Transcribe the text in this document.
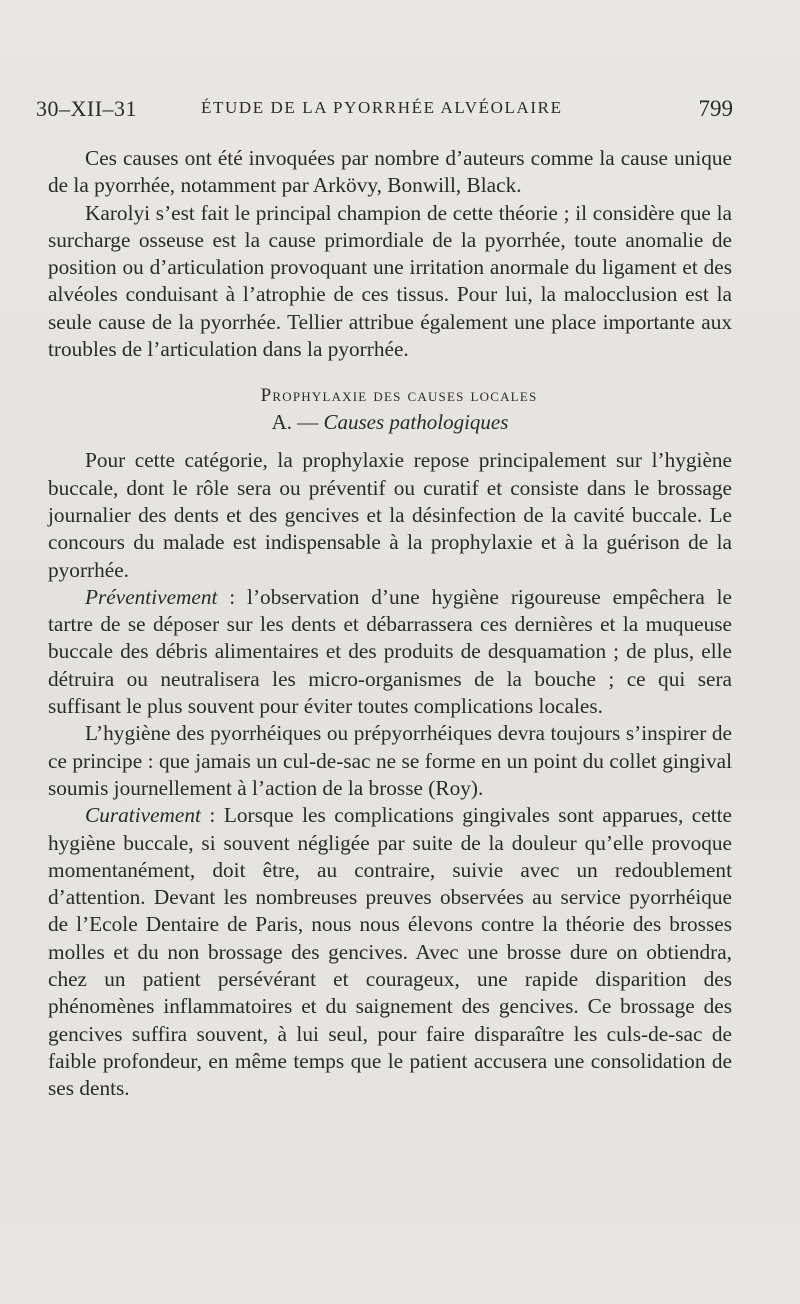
30–XII–31	ÉTUDE DE LA PYORRHÉE ALVÉOLAIRE	799

Ces causes ont été invoquées par nombre d’auteurs comme la cause unique de la pyorrhée, notamment par Arkövy, Bonwill, Black.

Karolyi s’est fait le principal champion de cette théorie ; il considère que la surcharge osseuse est la cause primordiale de la pyorrhée, toute anomalie de position ou d’articulation provoquant une irritation anormale du ligament et des alvéoles conduisant à l’atrophie de ces tissus. Pour lui, la malocclusion est la seule cause de la pyorrhée. Tellier attribue également une place importante aux troubles de l’articulation dans la pyorrhée.

Prophylaxie des causes locales
A. — Causes pathologiques

Pour cette catégorie, la prophylaxie repose principalement sur l’hygiène buccale, dont le rôle sera ou préventif ou curatif et consiste dans le brossage journalier des dents et des gencives et la désinfection de la cavité buccale. Le concours du malade est indispensable à la prophylaxie et à la guérison de la pyorrhée.

Préventivement : l’observation d’une hygiène rigoureuse empêchera le tartre de se déposer sur les dents et débarrassera ces dernières et la muqueuse buccale des débris alimentaires et des produits de desquamation ; de plus, elle détruira ou neutralisera les micro-organismes de la bouche ; ce qui sera suffisant le plus souvent pour éviter toutes complications locales.

L’hygiène des pyorrhéiques ou prépyorrhéiques devra toujours s’inspirer de ce principe : que jamais un cul-de-sac ne se forme en un point du collet gingival soumis journellement à l’action de la brosse (Roy).

Curativement : Lorsque les complications gingivales sont apparues, cette hygiène buccale, si souvent négligée par suite de la douleur qu’elle provoque momentanément, doit être, au contraire, suivie avec un redoublement d’attention. Devant les nombreuses preuves observées au service pyorrhéique de l’Ecole Dentaire de Paris, nous nous élevons contre la théorie des brosses molles et du non brossage des gencives. Avec une brosse dure on obtiendra, chez un patient persévérant et courageux, une rapide disparition des phénomènes inflammatoires et du saignement des gencives. Ce brossage des gencives suffira souvent, à lui seul, pour faire disparaître les culs-de-sac de faible profondeur, en même temps que le patient accusera une consolidation de ses dents.
